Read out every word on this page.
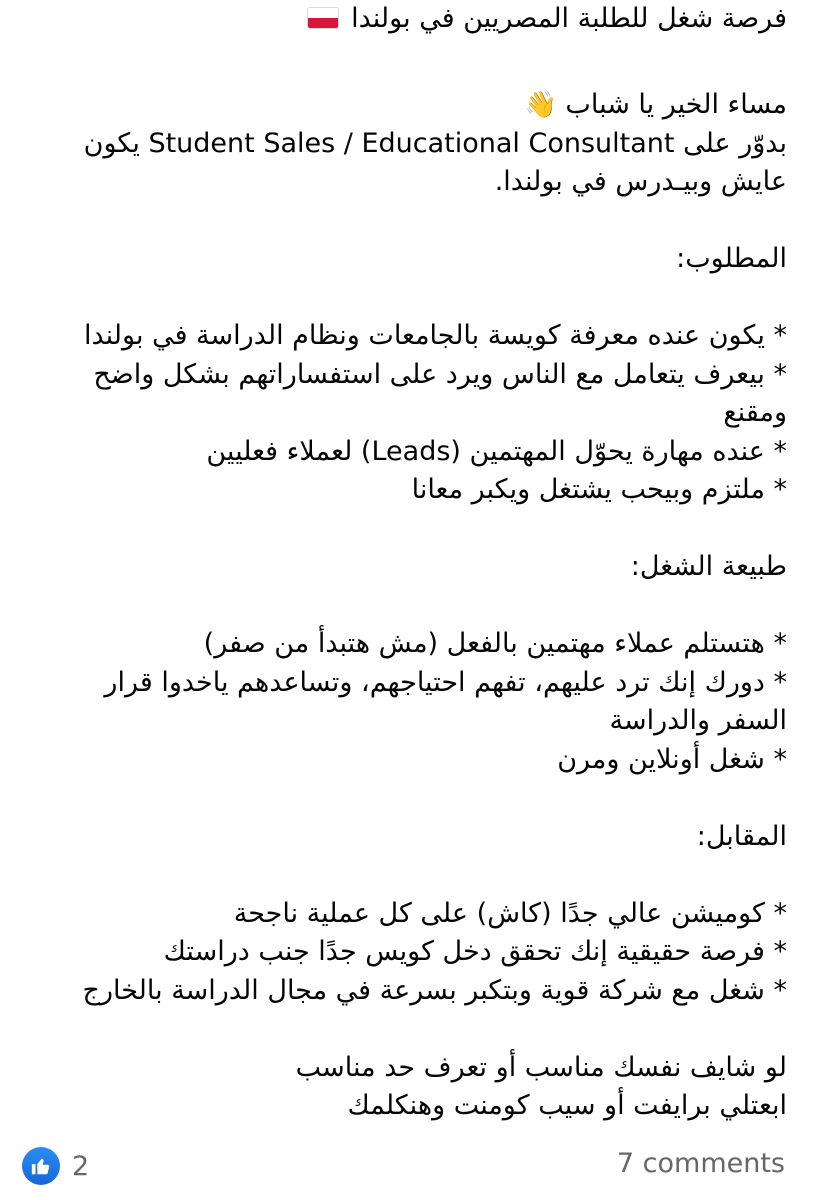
فرصة شغل للطلبة المصريين في بولندا
مساء الخير يا شباب 👋
بدوّر على Student Sales / Educational Consultant يكون
عايش وبيـدرس في بولندا.
المطلوب:
* يكون عنده معرفة كويسة بالجامعات ونظام الدراسة في بولندا
* بيعرف يتعامل مع الناس ويرد على استفساراتهم بشكل واضح
ومقنع
* عنده مهارة يحوّل المهتمين (Leads) لعملاء فعليين
* ملتزم وبيحب يشتغل ويكبر معانا
طبيعة الشغل:
* هتستلم عملاء مهتمين بالفعل (مش هتبدأ من صفر)
* دورك إنك ترد عليهم، تفهم احتياجهم، وتساعدهم ياخدوا قرار
السفر والدراسة
* شغل أونلاين ومرن
المقابل:
* كوميشن عالي جدًا (كاش) على كل عملية ناجحة
* فرصة حقيقية إنك تحقق دخل كويس جدًا جنب دراستك
* شغل مع شركة قوية وبتكبر بسرعة في مجال الدراسة بالخارج
لو شايف نفسك مناسب أو تعرف حد مناسب
ابعتلي برايفت أو سيب كومنت وهنكلمك
2	7 comments
